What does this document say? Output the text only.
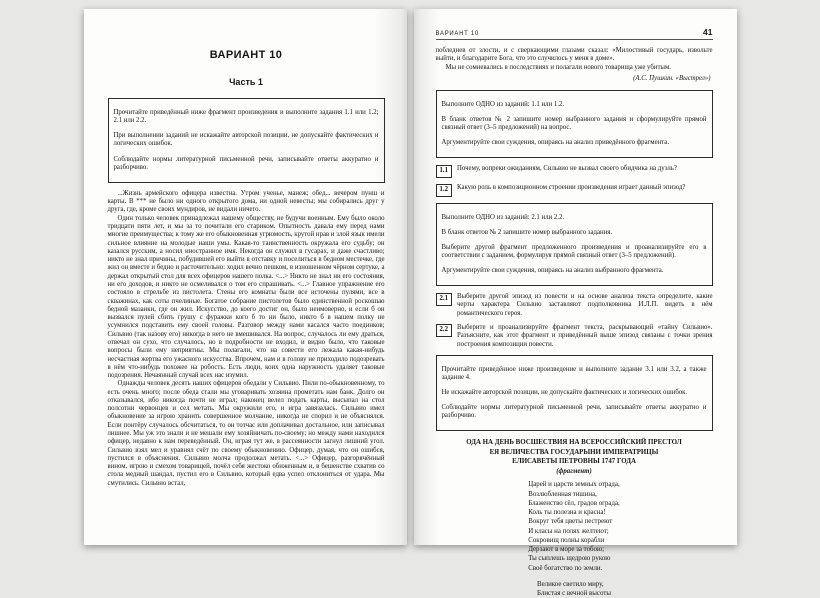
ВАРИАНТ 10
Часть 1

Прочитайте приведённый ниже фрагмент произведения и выполните задания 1.1 или 1.2; 2.1 или 2.2.

При выполнении заданий не искажайте авторской позиции, не допускайте фактических и логических ошибок.

Соблюдайте нормы литературной письменной речи, записывайте ответы аккуратно и разборчиво.

...Жизнь армейского офицера известна. Утром ученье, манеж; обед... вечером пунш и карты. В *** не было ни одного открытого дома, ни одной невесты; мы собирались друг у друга, где, кроме своих мундиров, не видали ничего.

Один только человек принадлежал нашему обществу, не будучи военным. Ему было около тридцати пяти лет, и мы за то почитали его стариком. Опытность давала ему перед нами многие преимущества; к тому же его обыкновенная угрюмость, крутой нрав и злой язык имели сильное влияние на молодые наши умы. Какая-то таинственность окружала его судьбу; он казался русским, а носил иностранное имя. Некогда он служил в гусарах, и даже счастливо; никто не знал причины, побудившей его выйти в отставку и поселиться в бедном местечке, где жил он вместе и бедно и расточительно: ходил вечно пешком, в изношенном чёрном сертуке, а держал открытый стол для всех офицеров нашего полка. <...> Никто не знал ни его состояния, ни его доходов, и никто не осмеливался о том его спрашивать. <...> Главное упражнение его состояло в стрельбе из пистолета. Стены его комнаты были все источены пулями, все в скважинах, как соты пчелиные. Богатое собрание пистолетов было единственной роскошью бедной мазанки, где он жил. Искусство, до коего достиг он, было неимоверно, и если б он вызвался пулей сбить грушу с фуражки кого б то ни было, никто б в нашем полку не усумнился подставить ему своей головы. Разговор между нами касался часто поединков; Сильвио (так назову его) никогда в него не вмешивался. На вопрос, случалось ли ему драться, отвечал он сухо, что случалось, но в подробности не входил, и видно было, что таковые вопросы были ему неприятны. Мы полагали, что на совести его лежала какая-нибудь несчастная жертва его ужасного искусства. Впрочем, нам и в голову не приходило подозревать в нём что-нибудь похожее на робость. Есть люди, коих одна наружность удаляет таковые подозрения. Нечаянный случай всех нас изумил.

Однажды человек десять наших офицеров обедали у Сильвио. Пили по-обыкновенному, то есть очень много; после обеда стали мы уговаривать хозяина прометать нам банк. Долго он отказывался, ибо никогда почти не играл; наконец велел подать карты, высыпал на стол полсотни червонцев и сел метать. Мы окружили его, и игра завязалась. Сильвио имел обыкновение за игрою хранить совершенное молчание, никогда не спорил и не объяснялся. Если понтёру случалось обсчитаться, то он тотчас или доплачивал достальное, или записывал лишнее. Мы уж это знали и не мешали ему хозяйничать по-своему; но между нами находился офицер, недавно к нам переведённый. Он, играя тут же, в рассеянности загнул лишний угол. Сильвио взял мел и уравнял счёт по своему обыкновению. Офицер, думая, что он ошибся, пустился в объяснения. Сильвио молча продолжал метать. <...> Офицер, разгорячённый вином, игрою и смехом товарищей, почёл себя жестоко обиженным и, в бешенстве схватив со стола медный шандал, пустил его в Сильвио, который едва успел отклониться от удара. Мы смутились. Сильвио встал,

ВАРИАНТ 10	41

побледнев от злости, и с сверкающими глазами сказал: «Милостивый государь, извольте выйти, и благодарите Бога, что это случилось у меня в доме».

Мы не сомневались в последствиях и полагали нового товарища уже убитым.

(А.С. Пушкин. «Выстрел»)

Выполните ОДНО из заданий: 1.1 или 1.2.

В бланк ответов № 2 запишите номер выбранного задания и сформулируйте прямой связный ответ (3–5 предложений) на вопрос.

Аргументируйте свои суждения, опираясь на анализ приведённого фрагмента.

1.1	Почему, вопреки ожиданиям, Сильвио не вызвал своего обидчика на дуэль?

1.2	Какую роль в композиционном строении произведения играет данный эпизод?

Выполните ОДНО из заданий: 2.1 или 2.2.

В бланк ответов № 2 запишите номер выбранного задания.

Выберите другой фрагмент предложенного произведения и проанализируйте его в соответствии с заданием, формулируя прямой связный ответ (3–5 предложений).

Аргументируйте свои суждения, опираясь на анализ выбранного фрагмента.

2.1	Выберите другой эпизод из повести и на основе анализа текста определите, какие черты характера Сильвио заставляют подполковника И.Л.П. видеть в нём романтического героя.

2.2	Выберите и проанализируйте фрагмент текста, раскрывающий «тайну Сильвио». Разъясните, как этот фрагмент и приведённый выше эпизод связаны с точки зрения построения композиции повести.

Прочитайте приведённое ниже произведение и выполните задание 3.1 или 3.2, а также задание 4.

Не искажайте авторской позиции, не допускайте фактических и логических ошибок.

Соблюдайте нормы литературной письменной речи, записывайте ответы аккуратно и разборчиво.

ОДА НА ДЕНЬ ВОСШЕСТВИЯ НА ВСЕРОССИЙСКИЙ ПРЕСТОЛ
ЕЯ ВЕЛИЧЕСТВА ГОСУДАРЫНИ ИМПЕРАТРИЦЫ
ЕЛИСАВЕТЫ ПЕТРОВНЫ 1747 ГОДА
(фрагмент)
Царей и царств земных отрада,
Возлюбленная тишина,
Блаженство сёл, градов ограда,
Коль ты полезна и красна!
Вокруг тебя цветы пестреют
И класы на полях желтеют;
Сокровищ полны корабли
Дерзают в море за тобою;
Ты сыплешь щедрою рукою
Своё богатство по земли.
Великое светило миру,
Блистая с вечной высоты
